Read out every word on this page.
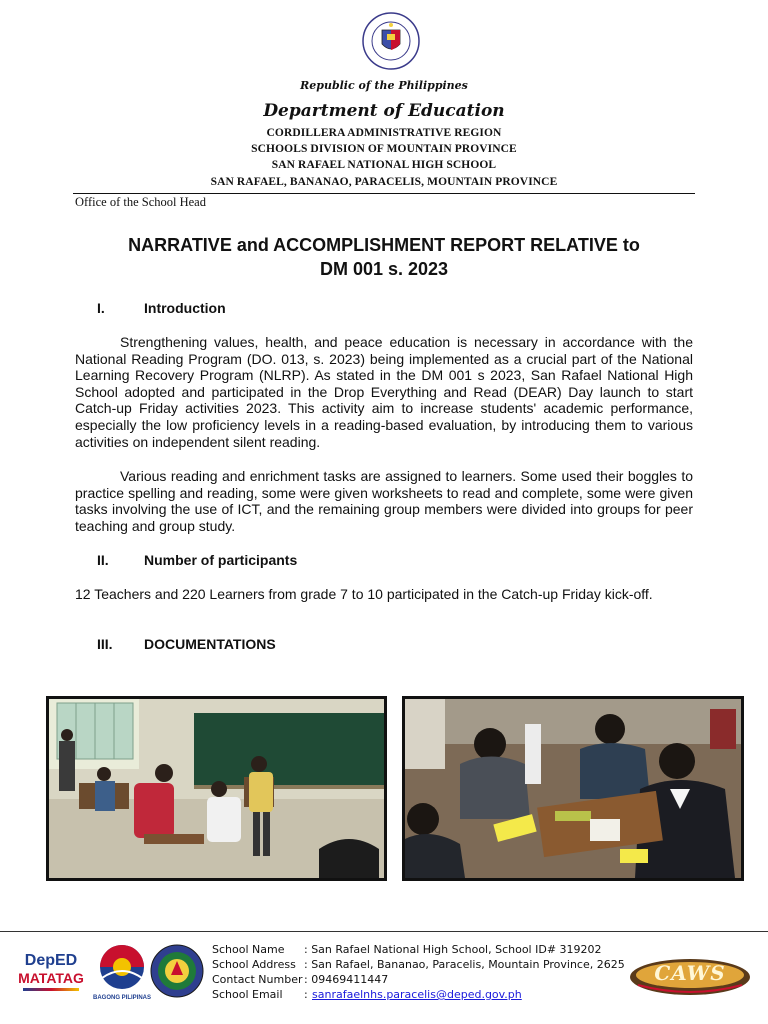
Republic of the Philippines
Department of Education
CORDILLERA ADMINISTRATIVE REGION
SCHOOLS DIVISION OF MOUNTAIN PROVINCE
SAN RAFAEL NATIONAL HIGH SCHOOL
SAN RAFAEL, BANANAO, PARACELIS, MOUNTAIN PROVINCE
Office of the School Head
NARRATIVE and ACCOMPLISHMENT REPORT RELATIVE to
DM 001 s. 2023
I.	Introduction
Strengthening values, health, and peace education is necessary in accordance with the National Reading Program (DO. 013, s. 2023) being implemented as a crucial part of the National Learning Recovery Program (NLRP). As stated in the DM 001 s 2023, San Rafael National High School adopted and participated in the Drop Everything and Read (DEAR) Day launch to start Catch-up Friday activities 2023. This activity aim to increase students' academic performance, especially the low proficiency levels in a reading-based evaluation, by introducing them to various activities on independent silent reading.
Various reading and enrichment tasks are assigned to learners. Some used their boggles to practice spelling and reading, some were given worksheets to read and complete, some were given tasks involving the use of ICT, and the remaining group members were divided into groups for peer teaching and group study.
II.	Number of participants
12 Teachers and 220 Learners from grade 7 to 10 participated in the Catch-up Friday kick-off.
III. DOCUMENTATIONS
DepED
MATATAG
BAGONG PILIPINAS
School Name : San Rafael National High School, School ID# 319202
School Address : San Rafael, Bananao, Paracelis, Mountain Province, 2625
Contact Number : 09469411447
School Email : sanrafaelnhs.paracelis@deped.gov.ph
CAWS
